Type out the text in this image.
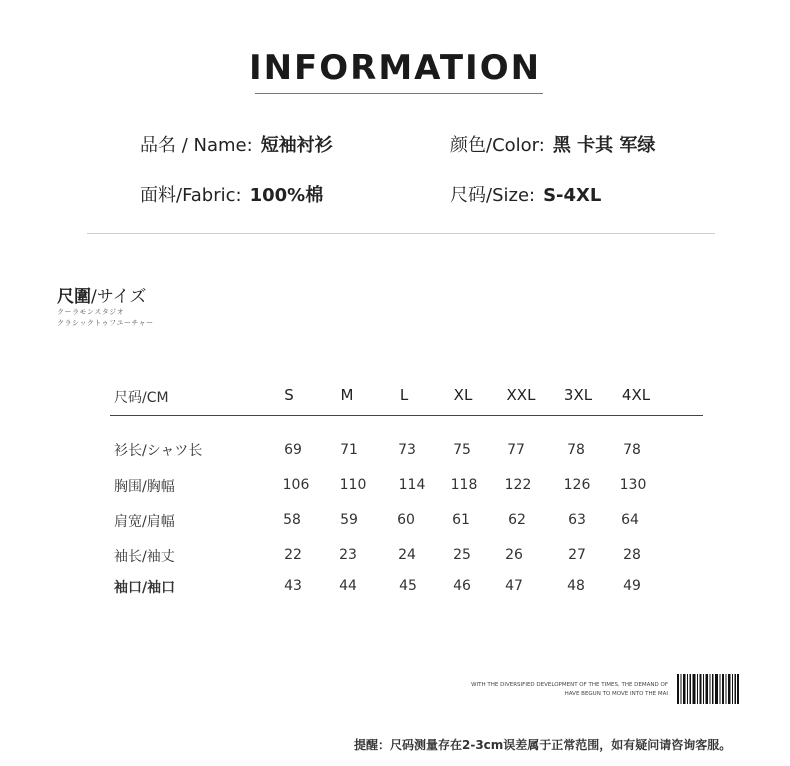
INFORMATION
品名 / Name: 短袖衬衫	颜色/Color: 黑 卡其 军绿
面料/Fabric: 100%棉	尺码/Size: S-4XL
尺圍/サイズ
クーラモンスタジオ
クラシックトゥフユーチャー
尺码/CM	S	M	L	XL	XXL	3XL	4XL
衫长/シャツ长	69	71	73	75	77	78	78
胸围/胸幅	106	110	114	118	122	126	130
肩宽/肩幅	58	59	60	61	62	63	64
袖长/袖丈	22	23	24	25	26	27	28
袖口/袖口	43	44	45	46	47	48	49
WITH THE DIVERSIFIED DEVELOPMENT OF THE TIMES, THE DEMAND OF
HAVE BEGUN TO MOVE INTO THE MAI
提醒：尺码测量存在2-3cm误差属于正常范围，如有疑问请咨询客服。
